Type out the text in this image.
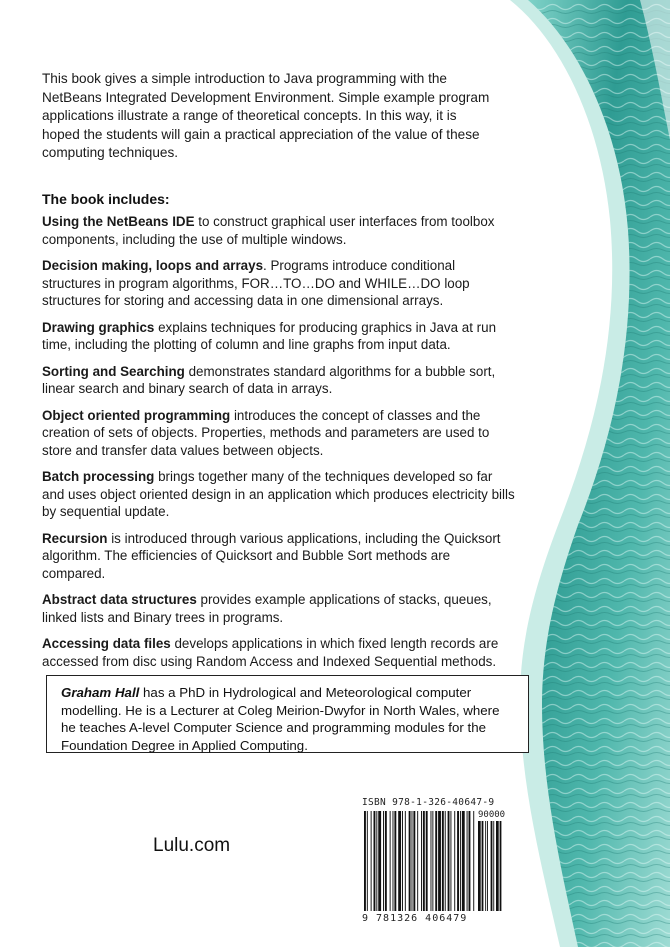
This book gives a simple introduction to Java programming with the NetBeans Integrated Development Environment. Simple example program applications illustrate a range of theoretical concepts. In this way, it is hoped the students will gain a practical appreciation of the value of these computing techniques.
The book includes:
Using the NetBeans IDE to construct graphical user interfaces from toolbox components, including the use of multiple windows.
Decision making, loops and arrays. Programs introduce conditional structures in program algorithms, FOR…TO…DO and WHILE…DO loop structures for storing and accessing data in one dimensional arrays.
Drawing graphics explains techniques for producing graphics in Java at run time, including the plotting of column and line graphs from input data.
Sorting and Searching demonstrates standard algorithms for a bubble sort, linear search and binary search of data in arrays.
Object oriented programming introduces the concept of classes and the creation of sets of objects. Properties, methods and parameters are used to store and transfer data values between objects.
Batch processing brings together many of the techniques developed so far and uses object oriented design in an application which produces electricity bills by sequential update.
Recursion is introduced through various applications, including the Quicksort algorithm. The efficiencies of Quicksort and Bubble Sort methods are compared.
Abstract data structures provides example applications of stacks, queues, linked lists and Binary trees in programs.
Accessing data files develops applications in which fixed length records are accessed from disc using Random Access and Indexed Sequential methods.
Graham Hall has a PhD in Hydrological and Meteorological computer modelling. He is a Lecturer at Coleg Meirion-Dwyfor in North Wales, where he teaches A-level Computer Science and programming modules for the Foundation Degree in Applied Computing.
Lulu.com
ISBN 978-1-326-40647-9
90000
9 781326 406479
